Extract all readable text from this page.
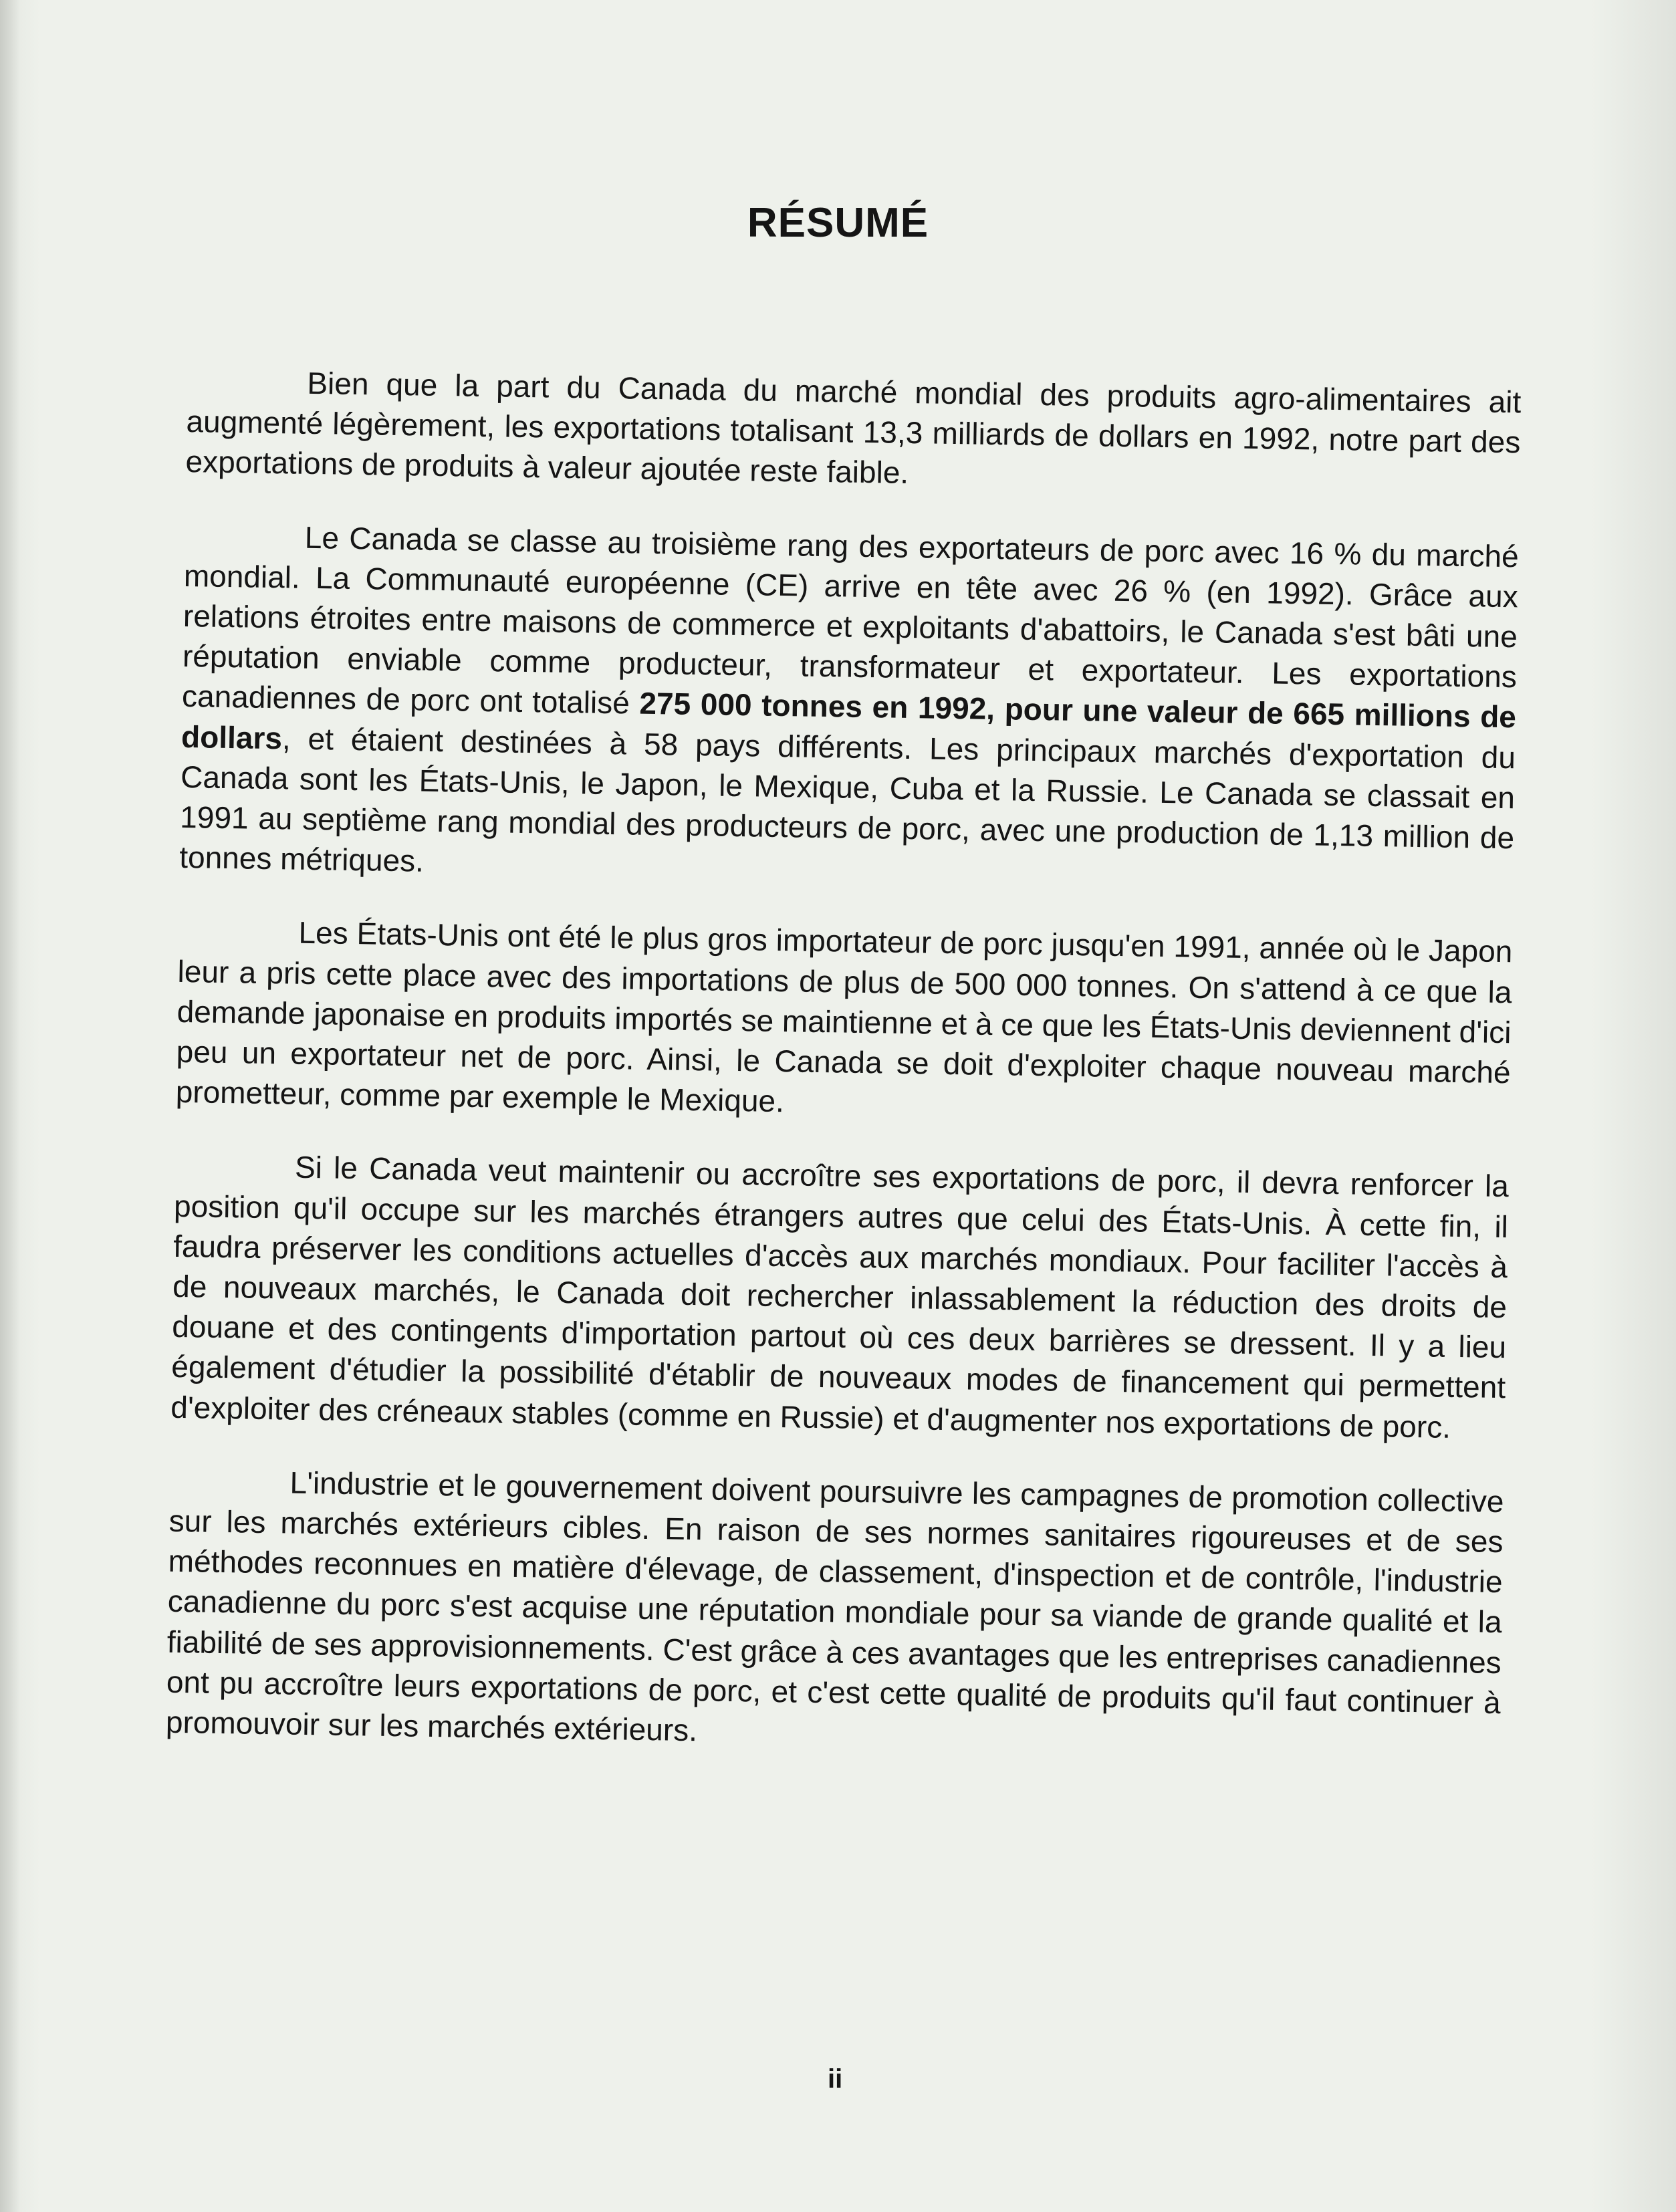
RÉSUMÉ

Bien que la part du Canada du marché mondial des produits agro-alimentaires ait augmenté légèrement, les exportations totalisant 13,3 milliards de dollars en 1992, notre part des exportations de produits à valeur ajoutée reste faible.

Le Canada se classe au troisième rang des exportateurs de porc avec 16 % du marché mondial. La Communauté européenne (CE) arrive en tête avec 26 % (en 1992). Grâce aux relations étroites entre maisons de commerce et exploitants d'abattoirs, le Canada s'est bâti une réputation enviable comme producteur, transformateur et exportateur. Les exportations canadiennes de porc ont totalisé 275 000 tonnes en 1992, pour une valeur de 665 millions de dollars, et étaient destinées à 58 pays différents. Les principaux marchés d'exportation du Canada sont les États-Unis, le Japon, le Mexique, Cuba et la Russie. Le Canada se classait en 1991 au septième rang mondial des producteurs de porc, avec une production de 1,13 million de tonnes métriques.

Les États-Unis ont été le plus gros importateur de porc jusqu'en 1991, année où le Japon leur a pris cette place avec des importations de plus de 500 000 tonnes. On s'attend à ce que la demande japonaise en produits importés se maintienne et à ce que les États-Unis deviennent d'ici peu un exportateur net de porc. Ainsi, le Canada se doit d'exploiter chaque nouveau marché prometteur, comme par exemple le Mexique.

Si le Canada veut maintenir ou accroître ses exportations de porc, il devra renforcer la position qu'il occupe sur les marchés étrangers autres que celui des États-Unis. À cette fin, il faudra préserver les conditions actuelles d'accès aux marchés mondiaux. Pour faciliter l'accès à de nouveaux marchés, le Canada doit rechercher inlassablement la réduction des droits de douane et des contingents d'importation partout où ces deux barrières se dressent. Il y a lieu également d'étudier la possibilité d'établir de nouveaux modes de financement qui permettent d'exploiter des créneaux stables (comme en Russie) et d'augmenter nos exportations de porc.

L'industrie et le gouvernement doivent poursuivre les campagnes de promotion collective sur les marchés extérieurs cibles. En raison de ses normes sanitaires rigoureuses et de ses méthodes reconnues en matière d'élevage, de classement, d'inspection et de contrôle, l'industrie canadienne du porc s'est acquise une réputation mondiale pour sa viande de grande qualité et la fiabilité de ses approvisionnements. C'est grâce à ces avantages que les entreprises canadiennes ont pu accroître leurs exportations de porc, et c'est cette qualité de produits qu'il faut continuer à promouvoir sur les marchés extérieurs.

ii
